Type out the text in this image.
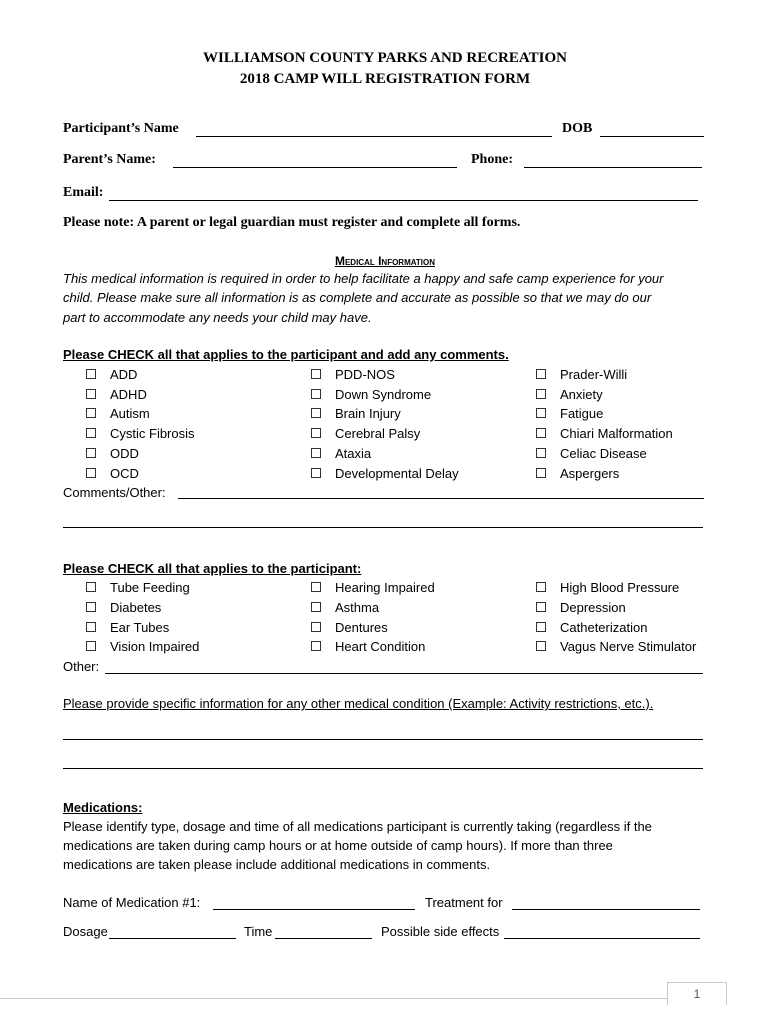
WILLIAMSON COUNTY PARKS AND RECREATION
2018 CAMP WILL REGISTRATION FORM
Participant’s Name	DOB
Parent’s Name:	Phone:
Email:
Please note: A parent or legal guardian must register and complete all forms.
Medical Information
This medical information is required in order to help facilitate a happy and safe camp experience for your
child. Please make sure all information is as complete and accurate as possible so that we may do our
part to accommodate any needs your child may have.
Please CHECK all that applies to the participant and add any comments.
ADD
ADHD
Autism
Cystic Fibrosis
ODD
OCD
PDD-NOS
Down Syndrome
Brain Injury
Cerebral Palsy
Ataxia
Developmental Delay
Prader-Willi
Anxiety
Fatigue
Chiari Malformation
Celiac Disease
Aspergers
Comments/Other:
Please CHECK all that applies to the participant:
Tube Feeding
Diabetes
Ear Tubes
Vision Impaired
Hearing Impaired
Asthma
Dentures
Heart Condition
High Blood Pressure
Depression
Catheterization
Vagus Nerve Stimulator
Other:
Please provide specific information for any other medical condition (Example: Activity restrictions, etc.).
Medications:
Please identify type, dosage and time of all medications participant is currently taking (regardless if the
medications are taken during camp hours or at home outside of camp hours). If more than three
medications are taken please include additional medications in comments.
Name of Medication #1:	Treatment for
Dosage	Time	Possible side effects
1
